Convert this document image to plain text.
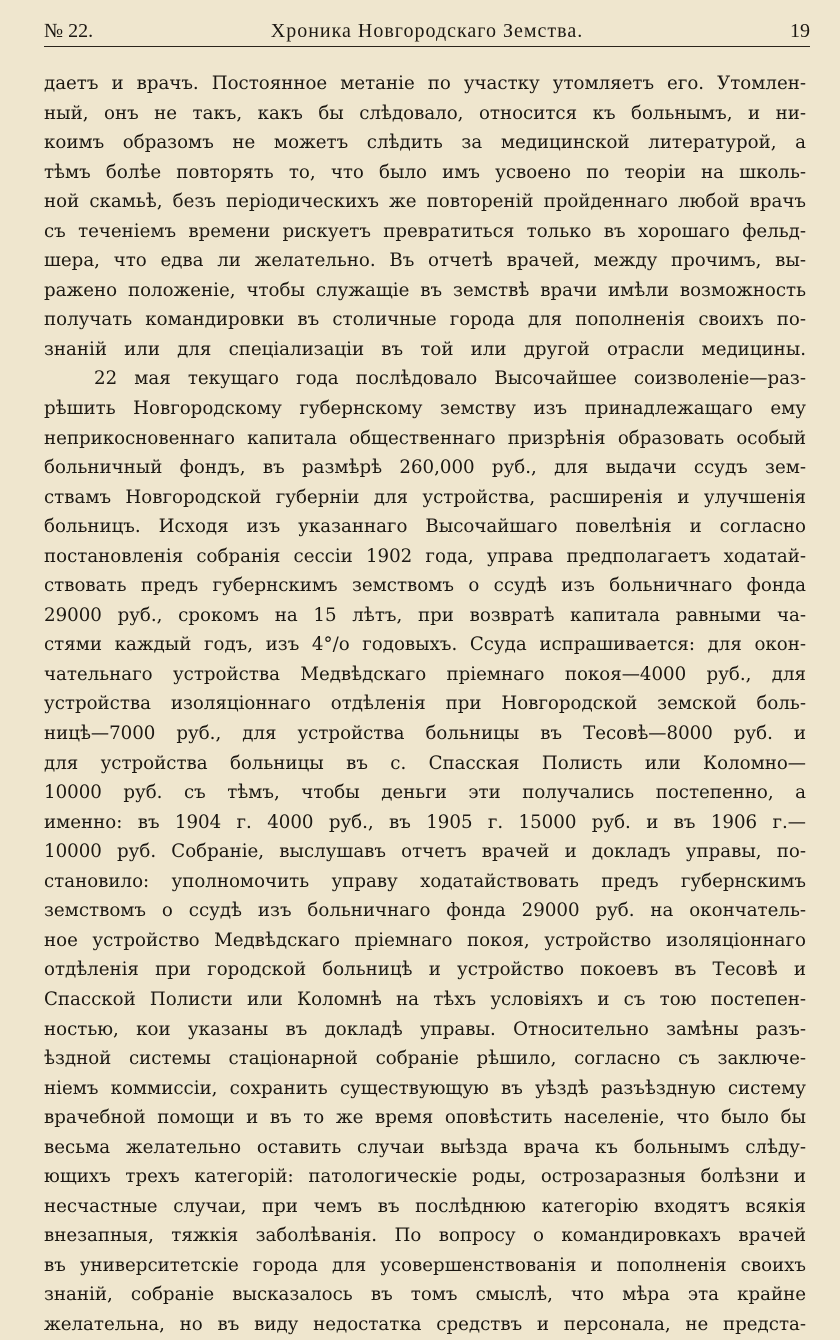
№ 22.	Хроника Новгородскаго Земства.	19
даетъ и врачъ. Постоянное метаніе по участку утомляетъ его. Утомлен-
ный, онъ не такъ, какъ бы слѣдовало, относится къ больнымъ, и ни-
коимъ образомъ не можетъ слѣдить за медицинской литературой, а
тѣмъ болѣе повторять то, что было имъ усвоено по теоріи на школь-
ной скамьѣ, безъ періодическихъ же повтореній пройденнаго любой врачъ
съ теченіемъ времени рискуетъ превратиться только въ хорошаго фельд-
шера, что едва ли желательно. Въ отчетѣ врачей, между прочимъ, вы-
ражено положеніе, чтобы служащіе въ земствѣ врачи имѣли возможность
получать командировки въ столичные города для пополненія своихъ по-
знаній или для спеціализаціи въ той или другой отрасли медицины.
22 мая текущаго года послѣдовало Высочайшее соизволеніе—раз-
рѣшить Новгородскому губернскому земству изъ принадлежащаго ему
неприкосновеннаго капитала общественнаго призрѣнія образовать особый
больничный фондъ, въ размѣрѣ 260,000 руб., для выдачи ссудъ зем-
ствамъ Новгородской губерніи для устройства, расширенія и улучшенія
больницъ. Исходя изъ указаннаго Высочайшаго повелѣнія и согласно
постановленія собранія сессіи 1902 года, управа предполагаетъ ходатай-
ствовать предъ губернскимъ земствомъ о ссудѣ изъ больничнаго фонда
29000 руб., срокомъ на 15 лѣтъ, при возвратѣ капитала равными ча-
стями каждый годъ, изъ 4°/о годовыхъ. Ссуда испрашивается: для окон-
чательнаго устройства Медвѣдскаго пріемнаго покоя—4000 руб., для
устройства изоляціоннаго отдѣленія при Новгородской земской боль-
ницѣ—7000 руб., для устройства больницы въ Тесовѣ—8000 руб. и
для устройства больницы въ с. Спасская Полисть или Коломно—
10000 руб. съ тѣмъ, чтобы деньги эти получались постепенно, а
именно: въ 1904 г. 4000 руб., въ 1905 г. 15000 руб. и въ 1906 г.—
10000 руб. Собраніе, выслушавъ отчетъ врачей и докладъ управы, по-
становило: уполномочить управу ходатайствовать предъ губернскимъ
земствомъ о ссудѣ изъ больничнаго фонда 29000 руб. на окончатель-
ное устройство Медвѣдскаго пріемнаго покоя, устройство изоляціоннаго
отдѣленія при городской больницѣ и устройство покоевъ въ Тесовѣ и
Спасской Полисти или Коломнѣ на тѣхъ условіяхъ и съ тою постепен-
ностью, кои указаны въ докладѣ управы. Относительно замѣны разъ-
ѣздной системы стаціонарной собраніе рѣшило, согласно съ заключе-
ніемъ коммиссіи, сохранить существующую въ уѣздѣ разъѣздную систему
врачебной помощи и въ то же время оповѣстить населеніе, что было бы
весьма желательно оставить случаи выѣзда врача къ больнымъ слѣду-
ющихъ трехъ категорій: патологическіе роды, острозаразныя болѣзни и
несчастные случаи, при чемъ въ послѣднюю категорію входятъ всякія
внезапныя, тяжкія заболѣванія. По вопросу о командировкахъ врачей
въ университетскіе города для усовершенствованія и пополненія своихъ
знаній, собраніе высказалось въ томъ смыслѣ, что мѣра эта крайне
желательна, но въ виду недостатка средствъ и персонала, не предста-
